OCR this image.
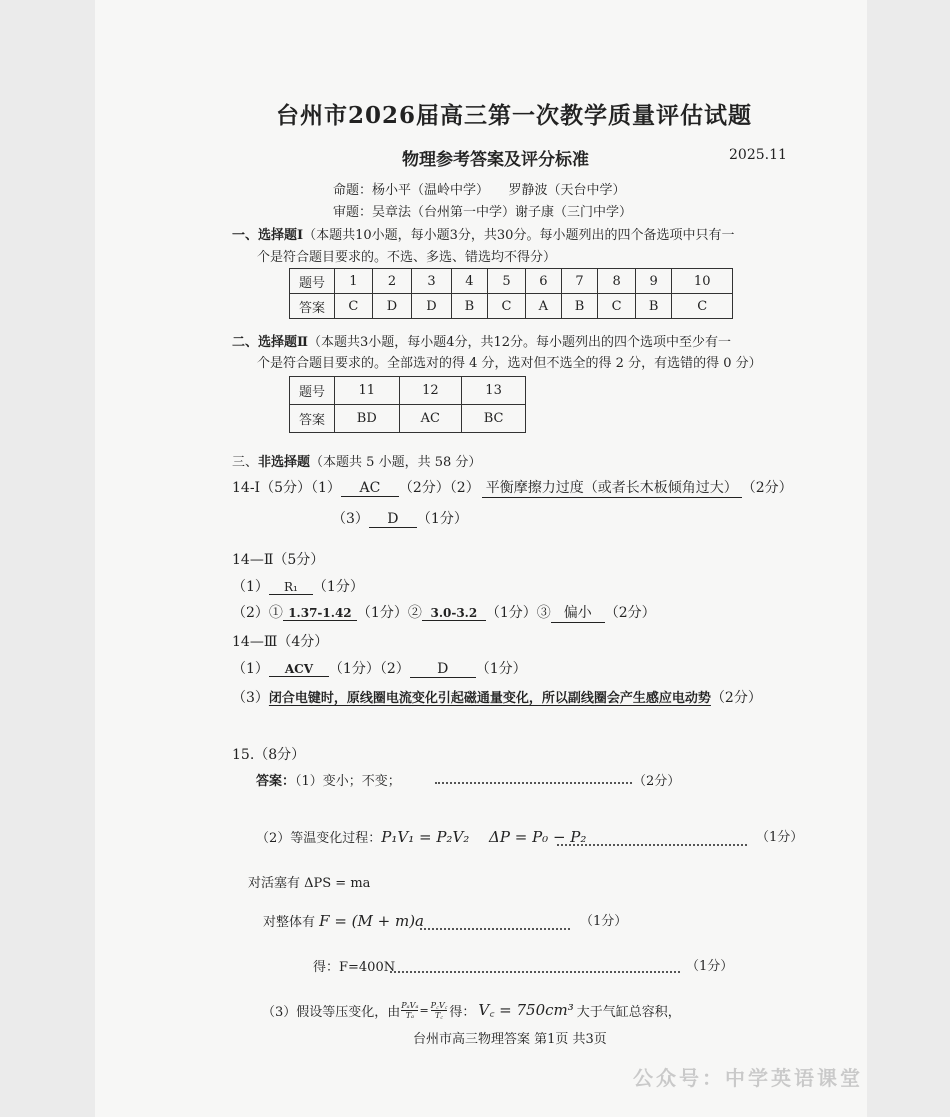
台州市2026届高三第一次教学质量评估试题
物理参考答案及评分标准	2025.11
命题：杨小平（温岭中学）　　罗静波（天台中学）
审题：吴章法（台州第一中学）谢子康（三门中学）
一、选择题Ⅰ（本题共10小题，每小题3分，共30分。每小题列出的四个备选项中只有一
个是符合题目要求的。不选、多选、错选均不得分）
题号	1	2	3	4	5	6	7	8	9	10
答案	C	D	D	B	C	A	B	C	B	C
二、选择题Ⅱ（本题共3小题，每小题4分，共12分。每小题列出的四个选项中至少有一
个是符合题目要求的。全部选对的得 4 分，选对但不选全的得 2 分，有选错的得 0 分）
题号	11	12	13
答案	BD	AC	BC
三、非选择题（本题共 5 小题，共 58 分）
14-Ⅰ（5分）（1） AC （2分）（2） 平衡摩擦力过度（或者长木板倾角过大） （2分）
（3） D （1分）
14—Ⅱ（5分）
（1） R₁ （1分）
（2）① 1.37-1.42 （1分）② 3.0-3.2 （1分）③ 偏小 （2分）
14—Ⅲ（4分）
（1） ACV （1分）（2） D （1分）
（3）闭合电键时，原线圈电流变化引起磁通量变化，所以副线圈会产生感应电动势（2分）
15.（8分）
答案：（1）变小；不变；	（2分）
（2）等温变化过程：P₁V₁ = P₂V₂　 ΔP = P₀ − P₂	（1分）
对活塞有 ΔPS = ma
对整体有 F = (M + m)a	（1分）
得：F=400N	（1分）
（3）假设等压变化，由 PₐVₐ
$T_a = \frac{P꜀V꜀}{T꜀}$ 得： V꜀ = 750cm³ 大于气缸总容积，
台州市高三物理答案 第1页 共3页
公众号：中学英语课堂
